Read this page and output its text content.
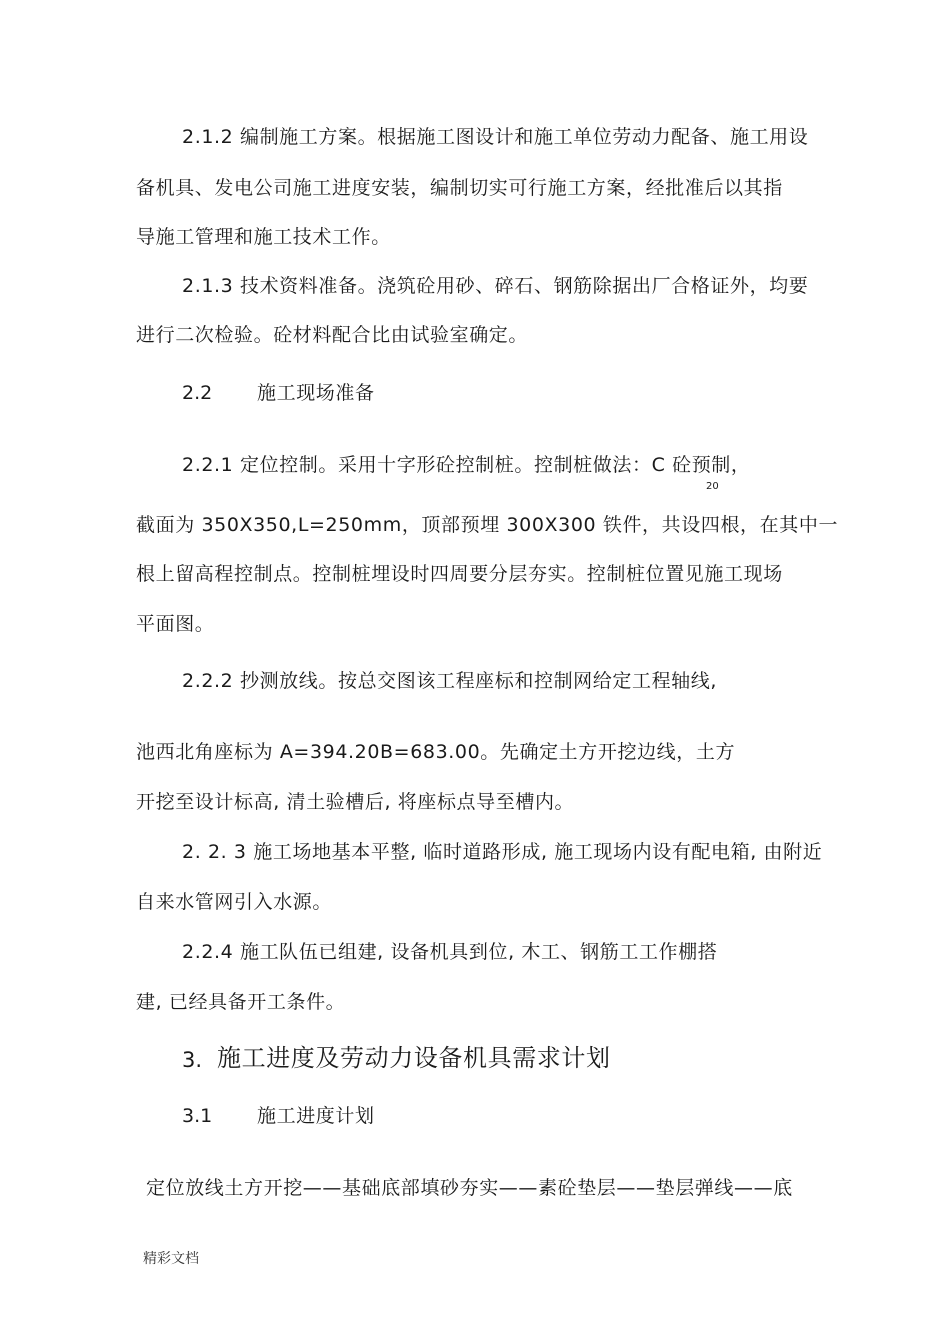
2.1.2 编制施工方案。根据施工图设计和施工单位劳动力配备、施工用设
备机具、发电公司施工进度安装，编制切实可行施工方案，经批准后以其指
导施工管理和施工技术工作。
2.1.3 技术资料准备。浇筑砼用砂、碎石、钢筋除据出厂合格证外，均要
进行二次检验。砼材料配合比由试验室确定。
2.2 施工现场准备
2.2.1 定位控制。采用十字形砼控制桩。控制桩做法：C 砼预制，
20
截面为 350X350,L=250mm，顶部预埋 300X300 铁件，共设四根，在其中一
根上留高程控制点。控制桩埋设时四周要分层夯实。控制桩位置见施工现场
平面图。
2.2.2 抄测放线。按总交图该工程座标和控制网给定工程轴线,
池西北角座标为 A=394.20B=683.00。先确定土方开挖边线，土方
开挖至设计标高, 清土验槽后, 将座标点导至槽内。
2. 2. 3 施工场地基本平整, 临时道路形成, 施工现场内设有配电箱, 由附近
自来水管网引入水源。
2.2.4 施工队伍已组建, 设备机具到位, 木工、钢筋工工作棚搭
建, 已经具备开工条件。
3. 施工进度及劳动力设备机具需求计划
3.1 施工进度计划
定位放线土方开挖——基础底部填砂夯实——素砼垫层——垫层弹线——底
精彩文档
